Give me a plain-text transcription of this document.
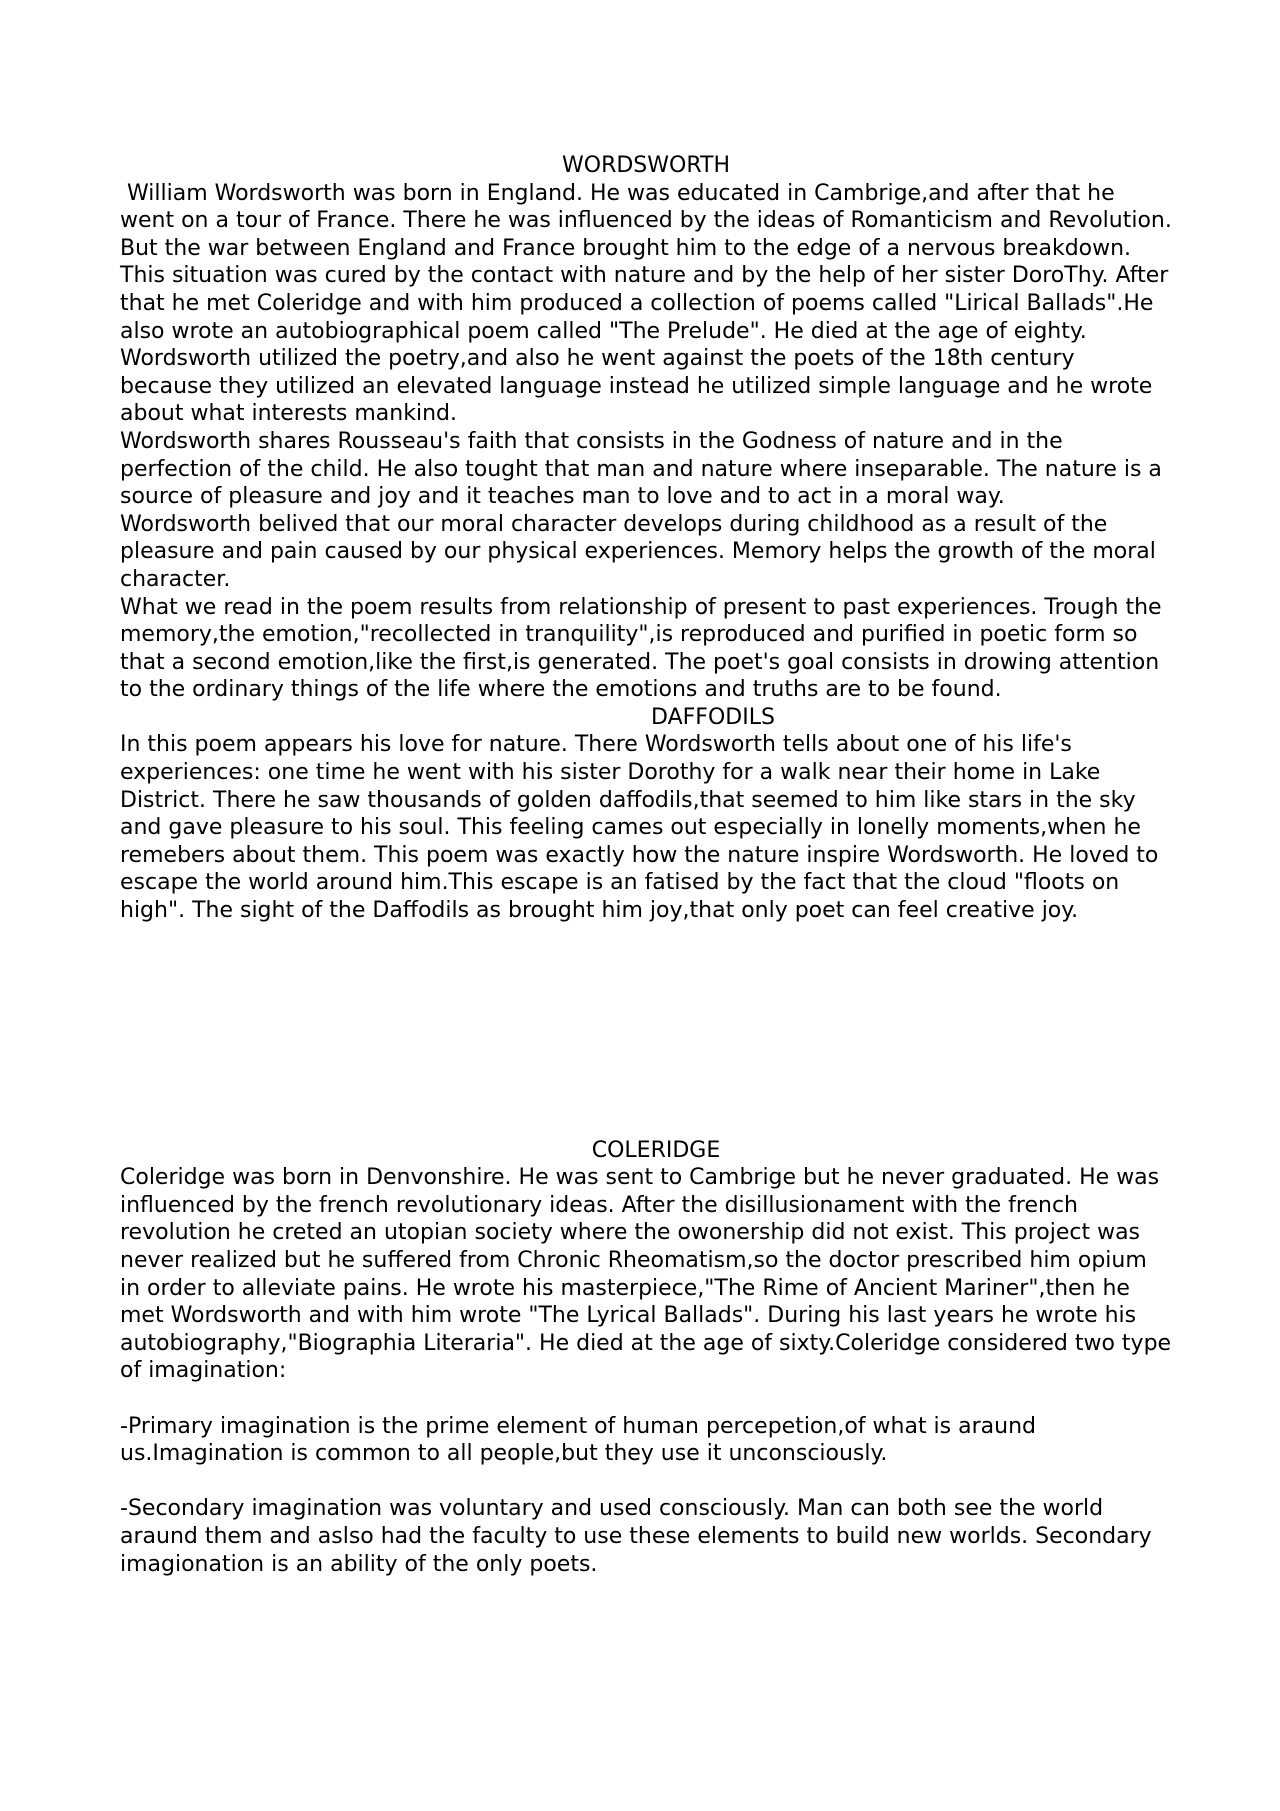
WORDSWORTH

William Wordsworth was born in England. He was educated in Cambrige,and after that he went on a tour of France. There he was influenced by the ideas of Romanticism and Revolution. But the war between England and France brought him to the edge of a nervous breakdown. This situation was cured by the contact with nature and by the help of her sister DoroThy. After that he met Coleridge and with him produced a collection of poems called "Lirical Ballads".He also wrote an autobiographical poem called "The Prelude". He died at the age of eighty.

Wordsworth utilized the poetry,and also he went against the poets of the 18th century because they utilized an elevated language instead he utilized simple language and he wrote about what interests mankind.

Wordsworth shares Rousseau's faith that consists in the Godness of nature and in the perfection of the child. He also tought that man and nature where inseparable. The nature is a source of pleasure and joy and it teaches man to love and to act in a moral way.

Wordsworth belived that our moral character develops during childhood as a result of the pleasure and pain caused by our physical experiences. Memory helps the growth of the moral character.

What we read in the poem results from relationship of present to past experiences. Trough the memory,the emotion,"recollected in tranquility",is reproduced and purified in poetic form so that a second emotion,like the first,is generated. The poet's goal consists in drowing attention to the ordinary things of the life where the emotions and truths are to be found.

DAFFODILS

In this poem appears his love for nature. There Wordsworth tells about one of his life's experiences: one time he went with his sister Dorothy for a walk near their home in Lake District. There he saw thousands of golden daffodils,that seemed to him like stars in the sky and gave pleasure to his soul. This feeling cames out especially in lonelly moments,when he remebers about them. This poem was exactly how the nature inspire Wordsworth. He loved to escape the world around him.This escape is an fatised by the fact that the cloud "floots on high". The sight of the Daffodils as brought him joy,that only poet can feel creative joy.

COLERIDGE

Coleridge was born in Denvonshire. He was sent to Cambrige but he never graduated. He was influenced by the french revolutionary ideas. After the disillusionament with the french revolution he creted an utopian society where the owonership did not exist. This project was never realized but he suffered from Chronic Rheomatism,so the doctor prescribed him opium in order to alleviate pains. He wrote his masterpiece,"The Rime of Ancient Mariner",then he met Wordsworth and with him wrote "The Lyrical Ballads". During his last years he wrote his autobiography,"Biographia Literaria". He died at the age of sixty.Coleridge considered two type of imagination:

-Primary imagination is the prime element of human percepetion,of what is araund us.Imagination is common to all people,but they use it unconsciously.

-Secondary imagination was voluntary and used consciously. Man can both see the world araund them and aslso had the faculty to use these elements to build new worlds. Secondary imagionation is an ability of the only poets.
